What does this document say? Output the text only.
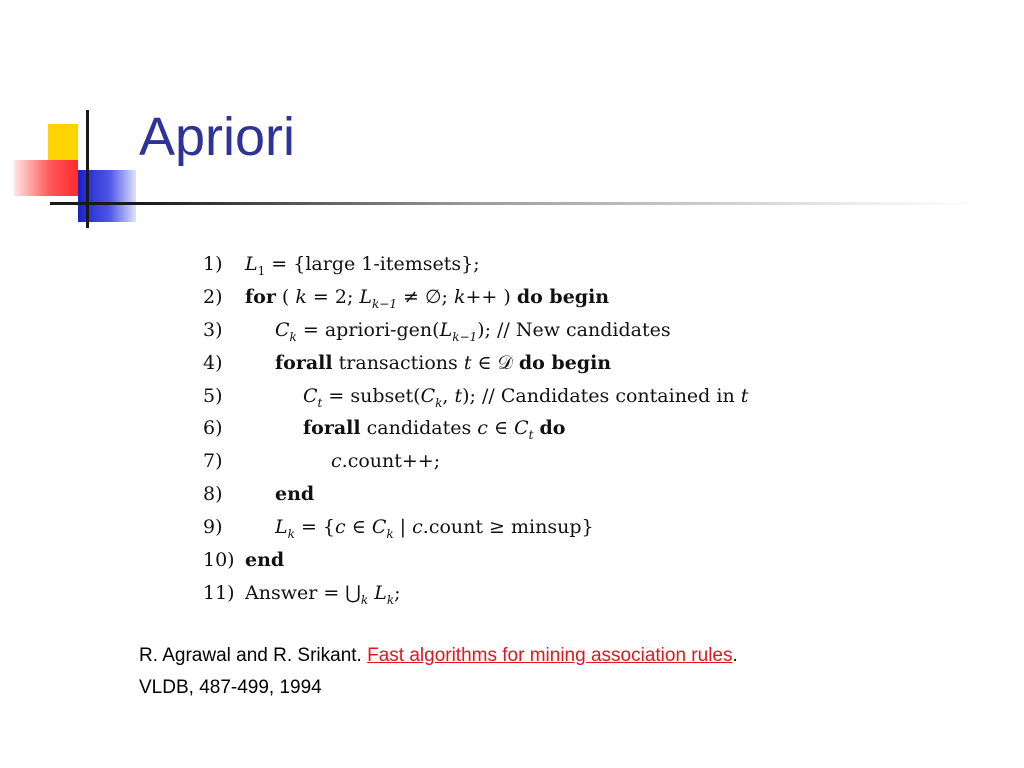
Apriori
1) $L_1$ = {large 1-itemsets};
2) for ( k = 2; $L_{k-1}$ ≠ ∅; k++ ) do begin
3)	$C_k$ = apriori-$gen(L_{k-1})$; // New candidates
4)	forall transactions t ∈ 𝒟 do begin
5)	$C_t$ = $subset(C_k$, t); // Candidates contained in t
6)	forall candidates c ∈ $C_t$ do
7)	c.count++;
8)	end
9)	$L_k = \{c$ ∈ $C_k$ | c.count ≥ minsup}
10) end
11) Answer = $⋃_k$ $L_k$;
R. Agrawal and R. Srikant. Fast algorithms for mining association rules. VLDB, 487-499, 1994
